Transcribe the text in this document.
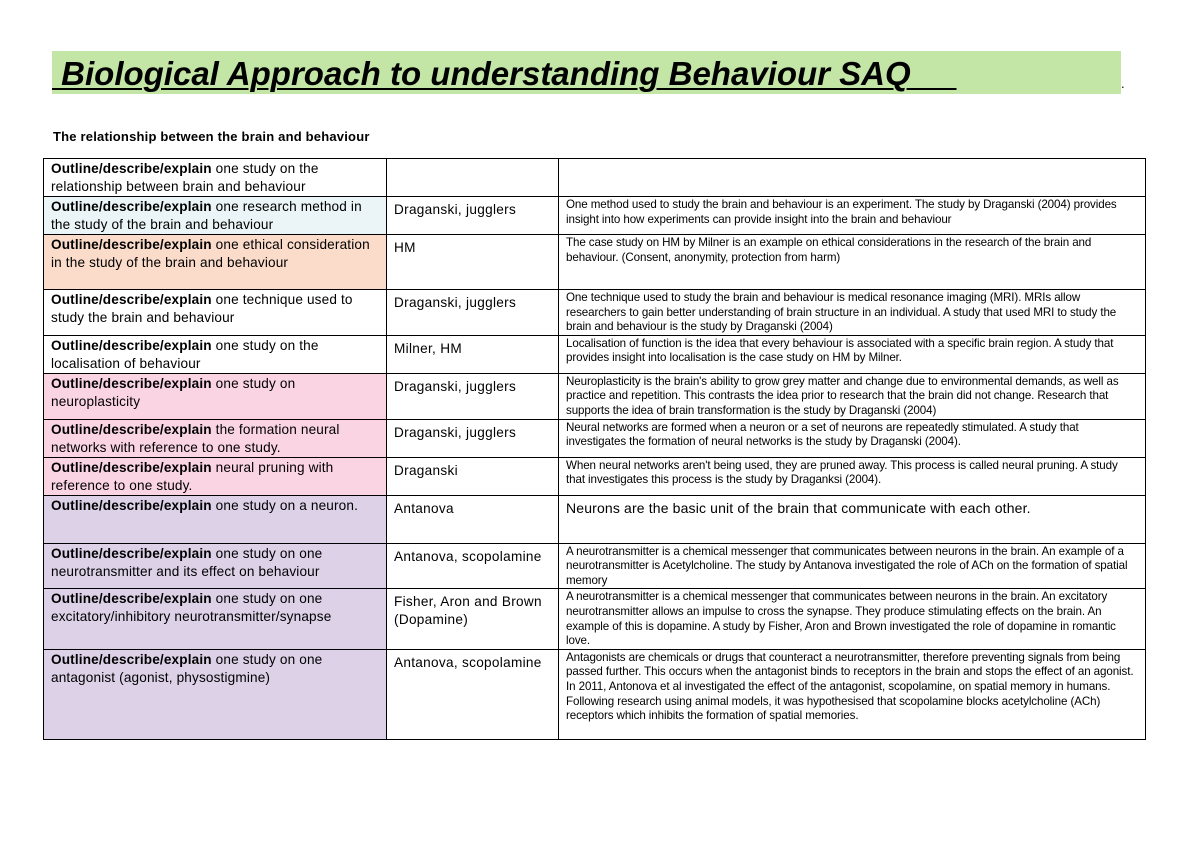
Biological Approach to understanding Behaviour SAQ	.
The relationship between the brain and behaviour
Outline/describe/explain one study on the relationship between brain and behaviour		
Outline/describe/explain one research method in the study of the brain and behaviour	Draganski, jugglers	One method used to study the brain and behaviour is an experiment. The study by Draganski (2004) provides insight into how experiments can provide insight into the brain and behaviour
Outline/describe/explain one ethical consideration in the study of the brain and behaviour	HM	The case study on HM by Milner is an example on ethical considerations in the research of the brain and behaviour. (Consent, anonymity, protection from harm)
Outline/describe/explain one technique used to study the brain and behaviour	Draganski, jugglers	One technique used to study the brain and behaviour is medical resonance imaging (MRI). MRIs allow researchers to gain better understanding of brain structure in an individual. A study that used MRI to study the brain and behaviour is the study by Draganski (2004)
Outline/describe/explain one study on the localisation of behaviour	Milner, HM	Localisation of function is the idea that every behaviour is associated with a specific brain region. A study that provides insight into localisation is the case study on HM by Milner.
Outline/describe/explain one study on neuroplasticity	Draganski, jugglers	Neuroplasticity is the brain's ability to grow grey matter and change due to environmental demands, as well as practice and repetition. This contrasts the idea prior to research that the brain did not change. Research that supports the idea of brain transformation is the study by Draganski (2004)
Outline/describe/explain the formation neural networks with reference to one study.	Draganski, jugglers	Neural networks are formed when a neuron or a set of neurons are repeatedly stimulated. A study that investigates the formation of neural networks is the study by Draganski (2004).
Outline/describe/explain neural pruning with reference to one study.	Draganski	When neural networks aren't being used, they are pruned away. This process is called neural pruning. A study that investigates this process is the study by Draganksi (2004).
Outline/describe/explain one study on a neuron.	Antanova	Neurons are the basic unit of the brain that communicate with each other.
Outline/describe/explain one study on one neurotransmitter and its effect on behaviour	Antanova, scopolamine	A neurotransmitter is a chemical messenger that communicates between neurons in the brain. An example of a neurotransmitter is Acetylcholine. The study by Antanova investigated the role of ACh on the formation of spatial memory
Outline/describe/explain one study on one excitatory/inhibitory neurotransmitter/synapse	Fisher, Aron and Brown (Dopamine)	A neurotransmitter is a chemical messenger that communicates between neurons in the brain. An excitatory neurotransmitter allows an impulse to cross the synapse. They produce stimulating effects on the brain. An example of this is dopamine. A study by Fisher, Aron and Brown investigated the role of dopamine in romantic love.
Outline/describe/explain one study on one antagonist (agonist, physostigmine)	Antanova, scopolamine	Antagonists are chemicals or drugs that counteract a neurotransmitter, therefore preventing signals from being passed further. This occurs when the antagonist binds to receptors in the brain and stops the effect of an agonist. In 2011, Antonova et al investigated the effect of the antagonist, scopolamine, on spatial memory in humans. Following research using animal models, it was hypothesised that scopolamine blocks acetylcholine (ACh) receptors which inhibits the formation of spatial memories.
